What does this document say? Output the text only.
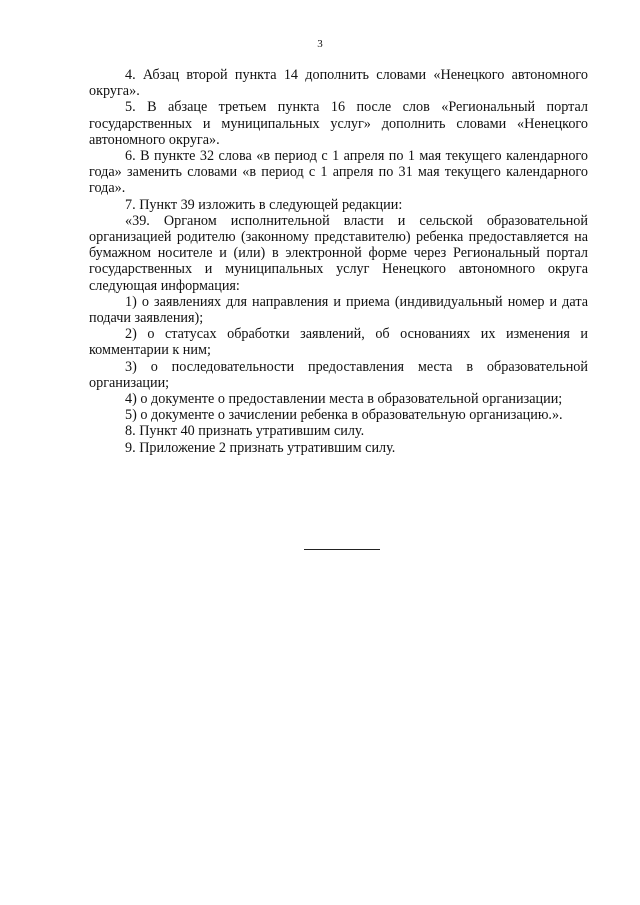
3

4. Абзац второй пункта 14 дополнить словами «Ненецкого автономного округа».

5. В абзаце третьем пункта 16 после слов «Региональный портал государственных и муниципальных услуг» дополнить словами «Ненецкого автономного округа».

6. В пункте 32 слова «в период с 1 апреля по 1 мая текущего календарного года» заменить словами «в период с 1 апреля по 31 мая текущего календарного года».

7. Пункт 39 изложить в следующей редакции:

«39. Органом исполнительной власти и сельской образовательной организацией родителю (законному представителю) ребенка предоставляется на бумажном носителе и (или) в электронной форме через Региональный портал государственных и муниципальных услуг Ненецкого автономного округа следующая информация:

1) о заявлениях для направления и приема (индивидуальный номер и дата подачи заявления);

2) о статусах обработки заявлений, об основаниях их изменения и комментарии к ним;

3) о последовательности предоставления места в образовательной организации;

4) о документе о предоставлении места в образовательной организации;

5) о документе о зачислении ребенка в образовательную организацию.».

8. Пункт 40 признать утратившим силу.

9. Приложение 2 признать утратившим силу.
